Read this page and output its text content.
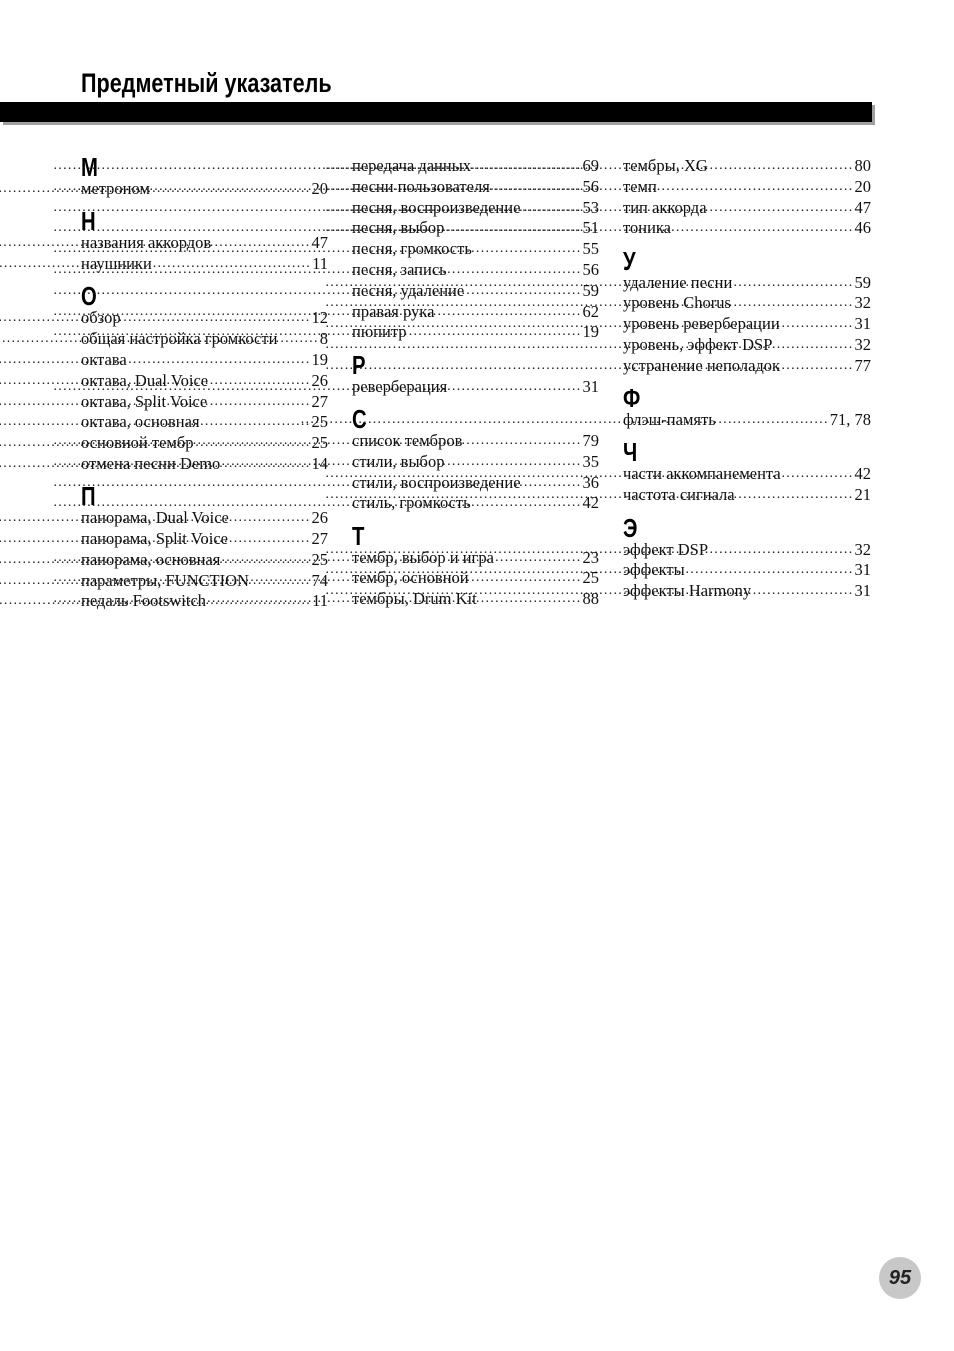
Предметный указатель
М
метроном .....	20
Н
названия аккордов .....	47
наушники .....	11
О
обзор .....	12
общая настройка громкости .....	8
октава .....	19
октава, Dual Voice .....	26
октава, Split Voice .....	27
октава, основная .....	25
основной тембр .....	25
отмена песни Demo .....	14
П
панорама, Dual Voice .....	26
панорама, Split Voice .....	27
панорама, основная .....	25
параметры, FUNCTION .....	74
педаль Footswitch .....	11
передача данных .....	69
песни пользователя .....	56
песня, воспроизведение .....	53
песня, выбор .....	51
песня, громкость .....	55
песня, запись .....	56
песня, удаление .....	59
правая рука .....	62
пюпитр .....	19
Р
реверберация .....	31
С
список тембров .....	79
стили, выбор .....	35
стили, воспроизведение .....	36
стиль, громкость .....	42
Т
тембр, выбор и игра .....	23
тембр, основной .....	25
тембры, Drum Kit .....	88
тембры, XG .....	80
темп .....	20
тип аккорда .....	47
тоника .....	46
У
удаление песни .....	59
уровень Chorus .....	32
уровень реверберации .....	31
уровень, эффект DSP .....	32
устранение неполадок .....	77
Ф
флэш-память .....	71, 78
Ч
части аккомпанемента .....	42
частота сигнала .....	21
Э
эффект DSP .....	32
эффекты .....	31
эффекты Harmony .....	31
95
